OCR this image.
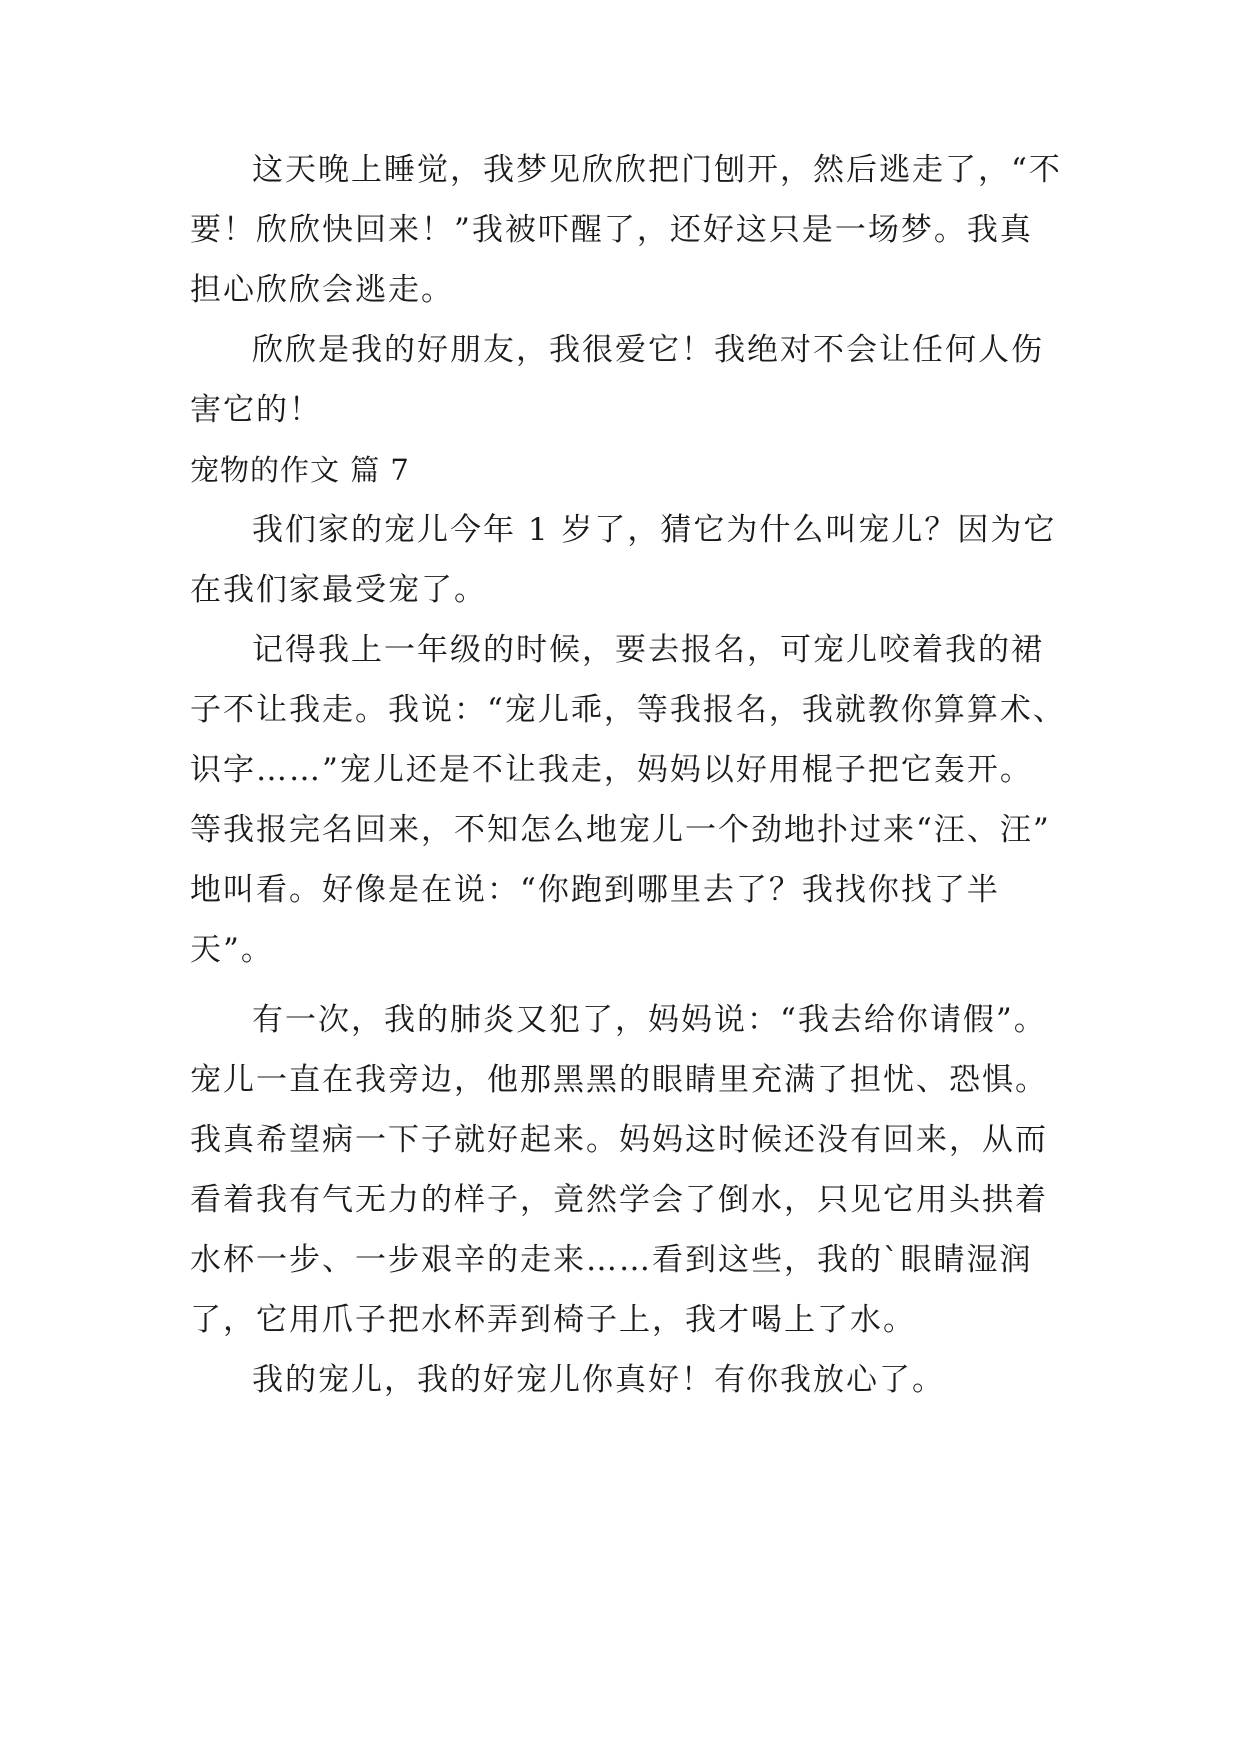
这天晚上睡觉，我梦见欣欣把门刨开，然后逃走了，“不
要！欣欣快回来！”我被吓醒了，还好这只是一场梦。我真
担心欣欣会逃走。
欣欣是我的好朋友，我很爱它！我绝对不会让任何人伤
害它的！
宠物的作文 篇 7
我们家的宠儿今年 1 岁了，猜它为什么叫宠儿？因为它
在我们家最受宠了。
记得我上一年级的时候，要去报名，可宠儿咬着我的裙
子不让我走。我说：“宠儿乖，等我报名，我就教你算算术、
识字……”宠儿还是不让我走，妈妈以好用棍子把它轰开。
等我报完名回来，不知怎么地宠儿一个劲地扑过来“汪、汪”
地叫看。好像是在说：“你跑到哪里去了？我找你找了半
天”。
有一次，我的肺炎又犯了，妈妈说：“我去给你请假”。
宠儿一直在我旁边，他那黑黑的眼睛里充满了担忧、恐惧。
我真希望病一下子就好起来。妈妈这时候还没有回来，从而
看着我有气无力的样子，竟然学会了倒水，只见它用头拱着
水杯一步、一步艰辛的走来……看到这些，我的`眼睛湿润
了，它用爪子把水杯弄到椅子上，我才喝上了水。
我的宠儿，我的好宠儿你真好！有你我放心了。
